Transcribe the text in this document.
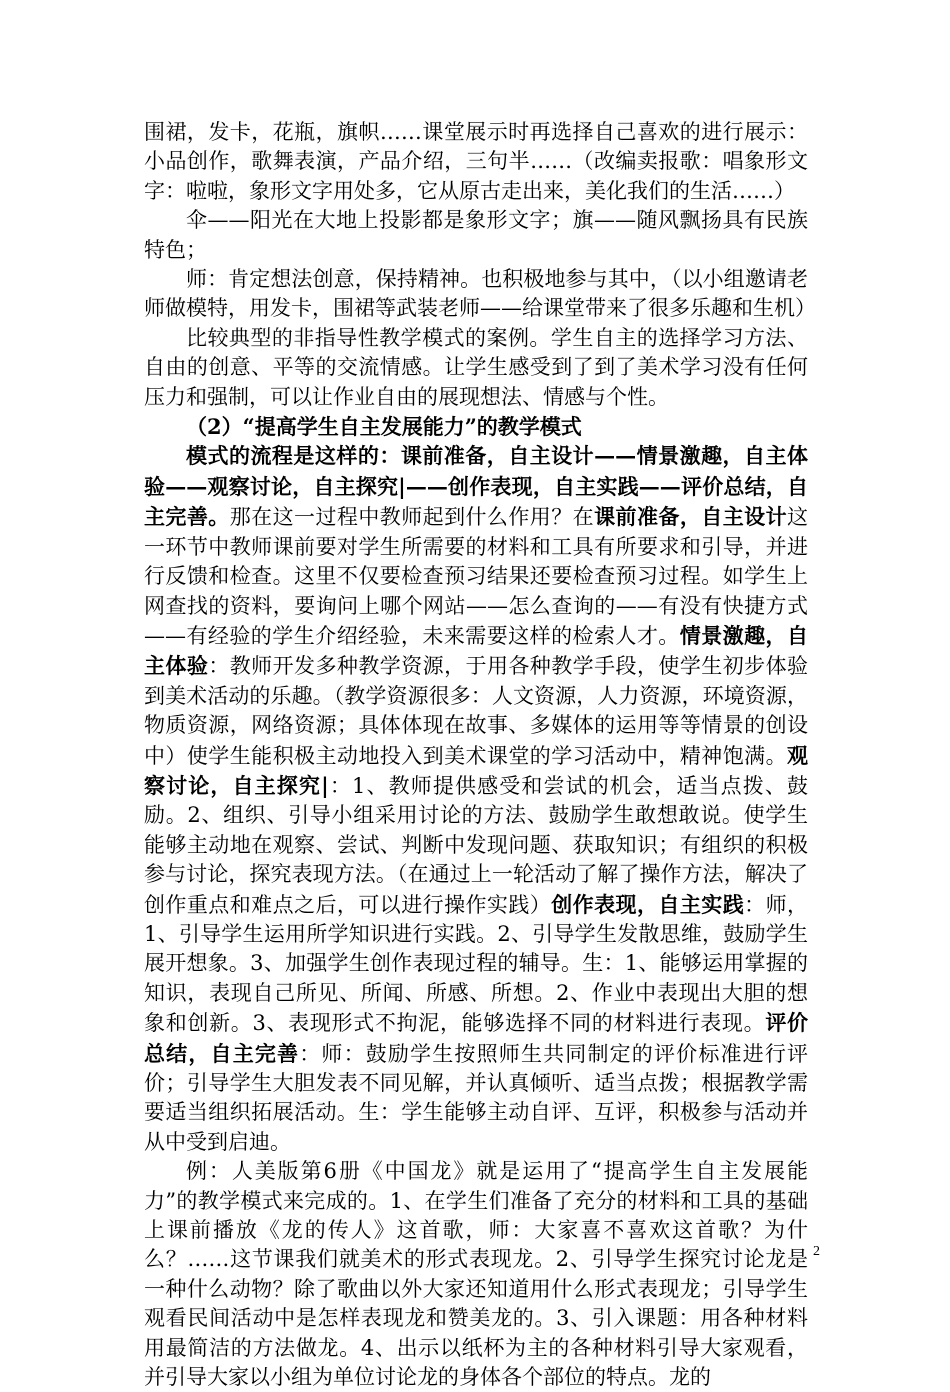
围裙，发卡，花瓶，旗帜……课堂展示时再选择自己喜欢的进行展示：小品创作，歌舞表演，产品介绍，三句半……（改编卖报歌：唱象形文字：啦啦，象形文字用处多，它从原古走出来，美化我们的生活……）

伞——阳光在大地上投影都是象形文字；旗——随风飘扬具有民族特色；

师：肯定想法创意，保持精神。也积极地参与其中，（以小组邀请老师做模特，用发卡，围裙等武装老师——给课堂带来了很多乐趣和生机）

比较典型的非指导性教学模式的案例。学生自主的选择学习方法、自由的创意、平等的交流情感。让学生感受到了到了美术学习没有任何压力和强制，可以让作业自由的展现想法、情感与个性。

（2）“提高学生自主发展能力”的教学模式

模式的流程是这样的：课前准备，自主设计——情景激趣，自主体验——观察讨论，自主探究|——创作表现，自主实践——评价总结，自主完善。那在这一过程中教师起到什么作用？在课前准备，自主设计这一环节中教师课前要对学生所需要的材料和工具有所要求和引导，并进行反馈和检查。这里不仅要检查预习结果还要检查预习过程。如学生上网查找的资料，要询问上哪个网站——怎么查询的——有没有快捷方式——有经验的学生介绍经验，未来需要这样的检索人才。情景激趣，自主体验：教师开发多种教学资源，于用各种教学手段，使学生初步体验到美术活动的乐趣。（教学资源很多：人文资源，人力资源，环境资源，物质资源，网络资源；具体体现在故事、多媒体的运用等等情景的创设中）使学生能积极主动地投入到美术课堂的学习活动中，精神饱满。观察讨论，自主探究|：1、教师提供感受和尝试的机会，适当点拨、鼓励。2、组织、引导小组采用讨论的方法、鼓励学生敢想敢说。使学生能够主动地在观察、尝试、判断中发现问题、获取知识；有组织的积极参与讨论，探究表现方法。（在通过上一轮活动了解了操作方法，解决了创作重点和难点之后，可以进行操作实践）创作表现，自主实践：师，1、引导学生运用所学知识进行实践。2、引导学生发散思维，鼓励学生展开想象。3、加强学生创作表现过程的辅导。生：1、能够运用掌握的知识，表现自己所见、所闻、所感、所想。2、作业中表现出大胆的想象和创新。3、表现形式不拘泥，能够选择不同的材料进行表现。评价总结，自主完善：师：鼓励学生按照师生共同制定的评价标准进行评价；引导学生大胆发表不同见解，并认真倾听、适当点拨；根据教学需要适当组织拓展活动。生：学生能够主动自评、互评，积极参与活动并从中受到启迪。

例：人美版第6册《中国龙》就是运用了“提高学生自主发展能力”的教学模式来完成的。1、在学生们准备了充分的材料和工具的基础上课前播放《龙的传人》这首歌，师：大家喜不喜欢这首歌？为什么？……这节课我们就美术的形式表现龙。2、引导学生探究讨论龙是一种什么动物？除了歌曲以外大家还知道用什么形式表现龙；引导学生观看民间活动中是怎样表现龙和赞美龙的。3、引入课题：用各种材料用最简洁的方法做龙。4、出示以纸杯为主的各种材料引导大家观看，并引导大家以小组为单位讨论龙的身体各个部位的特点。龙的

2
